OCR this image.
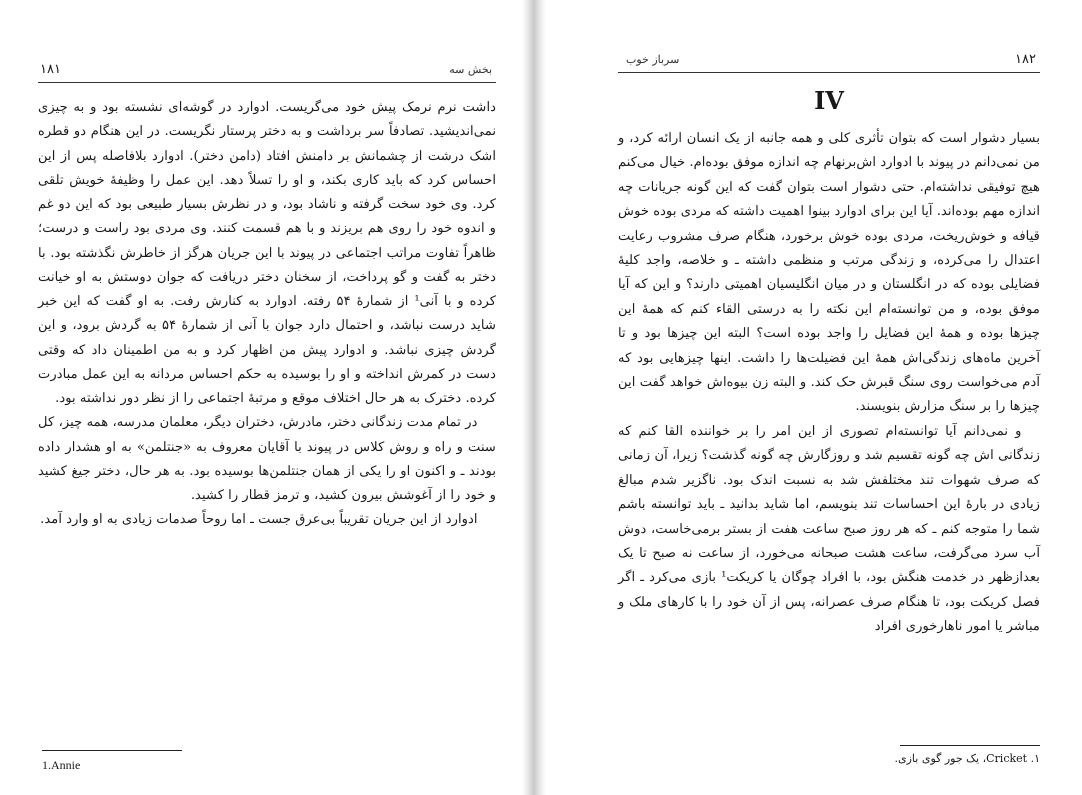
۱۸۱	بخش سه

داشت نرم نرمک پیش خود می‌گریست. ادوارد در گوشه‌ای نشسته بود و به چیزی نمی‌اندیشید. تصادفاً سر برداشت و به دختر پرستار نگریست. در این هنگام دو قطره اشک درشت از چشمانش بر دامنش افتاد (دامن دختر). ادوارد بلافاصله پس از این احساس کرد که باید کاری بکند، و او را تسلاً دهد. این عمل را وظیفهٔ خویش تلقی کرد. وی خود سخت گرفته و ناشاد بود، و در نظرش بسیار طبیعی بود که این دو غم و اندوه خود را روی هم بریزند و با هم قسمت کنند. وی مردی بود راست و درست؛ ظاهراً تفاوت مراتب اجتماعی در پیوند با این جریان هرگز از خاطرش نگذشته بود. با دختر به گفت و گو پرداخت، از سخنان دختر دریافت که جوان دوستش به او خیانت کرده و با آنی¹ از شمارهٔ ۵۴ رفته. ادوارد به کنارش رفت. به او گفت که این خبر شاید درست نباشد، و احتمال دارد جوان با آنی از شمارهٔ ۵۴ به گردش برود، و این گردش چیزی نباشد. و ادوارد پیش من اظهار کرد و به من اطمینان داد که وقتی دست در کمرش انداخته و او را بوسیده به حکم احساس مردانه به این عمل مبادرت کرده. دخترک به هر حال اختلاف موقع و مرتبهٔ اجتماعی را از نظر دور نداشته بود.

در تمام مدت زندگانی دختر، مادرش، دختران دیگر، معلمان مدرسه، همه چیز، کل سنت و راه و روش کلاس در پیوند با آقایان معروف به «جنتلمن» به او هشدار داده بودند ـ و اکنون او را یکی از همان جنتلمن‌ها بوسیده بود. به هر حال، دختر جیغ کشید و خود را از آغوشش بیرون کشید، و ترمز قطار را کشید.

ادوارد از این جریان تقریباً بی‌عرق جست ـ اما روحاً صدمات زیادی به او وارد آمد.

1.Annie
۱۸۲
سرباز خوب
IV

بسیار دشوار است که بتوان تأثری کلی و همه جانبه از یک انسان ارائه کرد، و من نمی‌دانم در پیوند با ادوارد اش‌برنهام چه اندازه موفق بوده‌ام. خیال می‌کنم هیچ توفیقی نداشته‌ام. حتی دشوار است بتوان گفت که این گونه جریانات چه اندازه مهم بوده‌اند. آیا این برای ادوارد بینوا اهمیت داشته که مردی بوده خوش قیافه و خوش‌ریخت، مردی بوده خوش برخورد، هنگام صرف مشروب رعایت اعتدال را می‌کرده، و زندگی مرتب و منظمی داشته ـ و خلاصه، واجد کلیهٔ فضایلی بوده که در انگلستان و در میان انگلیسیان اهمیتی دارند؟ و این که آیا موفق بوده، و من توانسته‌ام این نکته را به درستی القاء کنم که همهٔ این چیزها بوده و همهٔ این فضایل را واجد بوده است؟ البته این چیزها بود و تا آخرین ماه‌های زندگی‌اش همهٔ این فضیلت‌ها را داشت. اینها چیزهایی بود که آدم می‌خواست روی سنگ قبرش حک کند. و البته زن بیوه‌اش خواهد گفت این چیزها را بر سنگ مزارش بنویسند.

و نمی‌دانم آیا توانسته‌ام تصوری از این امر را بر خواننده القا کنم که زندگانی اش چه گونه تقسیم شد و روزگارش چه گونه گذشت؟ زیرا، آن زمانی که صرف شهوات تند مختلفش شد به نسبت اندک بود. ناگزیر شدم مبالغ زیادی در بارهٔ این احساسات تند بنویسم، اما شاید بدانید ـ باید توانسته باشم شما را متوجه کنم ـ که هر روز صبح ساعت هفت از بستر برمی‌خاست، دوش آب سرد می‌گرفت، ساعت هشت صبحانه می‌خورد، از ساعت نه صبح تا یک بعدازظهر در خدمت هنگش بود، با افراد چوگان یا کریکت¹ بازی می‌کرد ـ اگر فصل کریکت بود، تا هنگام صرف عصرانه، پس از آن خود را با کارهای ملک و مباشر یا امور ناهارخوری افراد

۱. Cricket، یک جور گوی بازی.
